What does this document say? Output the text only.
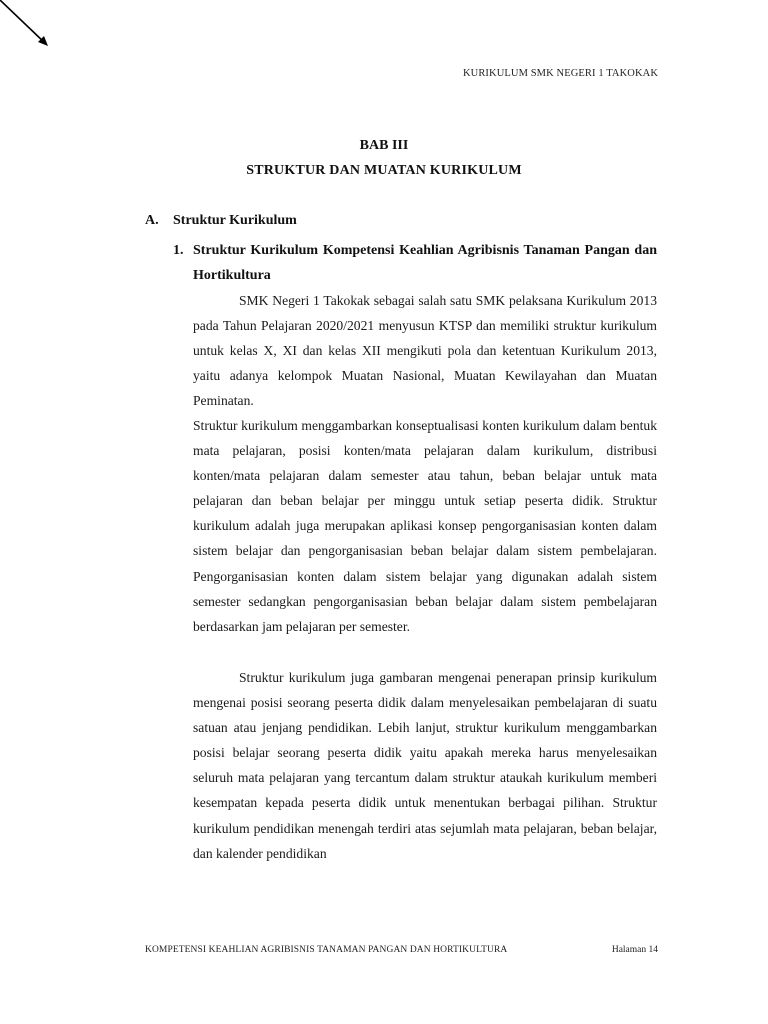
KURIKULUM SMK NEGERI 1 TAKOKAK
BAB III
STRUKTUR DAN MUATAN KURIKULUM
A. Struktur Kurikulum
1. Struktur Kurikulum Kompetensi Keahlian Agribisnis Tanaman Pangan dan Hortikultura

SMK Negeri 1 Takokak sebagai salah satu SMK pelaksana Kurikulum 2013 pada Tahun Pelajaran 2020/2021 menyusun KTSP dan memiliki struktur kurikulum untuk kelas X, XI dan kelas XII mengikuti pola dan ketentuan Kurikulum 2013, yaitu adanya kelompok Muatan Nasional, Muatan Kewilayahan dan Muatan Peminatan.

Struktur kurikulum menggambarkan konseptualisasi konten kurikulum dalam bentuk mata pelajaran, posisi konten/mata pelajaran dalam kurikulum, distribusi konten/mata pelajaran dalam semester atau tahun, beban belajar untuk mata pelajaran dan beban belajar per minggu untuk setiap peserta didik. Struktur kurikulum adalah juga merupakan aplikasi konsep pengorganisasian konten dalam sistem belajar dan pengorganisasian beban belajar dalam sistem pembelajaran. Pengorganisasian konten dalam sistem belajar yang digunakan adalah sistem semester sedangkan pengorganisasian beban belajar dalam sistem pembelajaran berdasarkan jam pelajaran per semester.

Struktur kurikulum juga gambaran mengenai penerapan prinsip kurikulum mengenai posisi seorang peserta didik dalam menyelesaikan pembelajaran di suatu satuan atau jenjang pendidikan. Lebih lanjut, struktur kurikulum menggambarkan posisi belajar seorang peserta didik yaitu apakah mereka harus menyelesaikan seluruh mata pelajaran yang tercantum dalam struktur ataukah kurikulum memberi kesempatan kepada peserta didik untuk menentukan berbagai pilihan. Struktur kurikulum pendidikan menengah terdiri atas sejumlah mata pelajaran, beban belajar, dan kalender pendidikan

KOMPETENSI KEAHLIAN AGRIBISNIS TANAMAN PANGAN DAN HORTIKULTURA	Halaman 14
